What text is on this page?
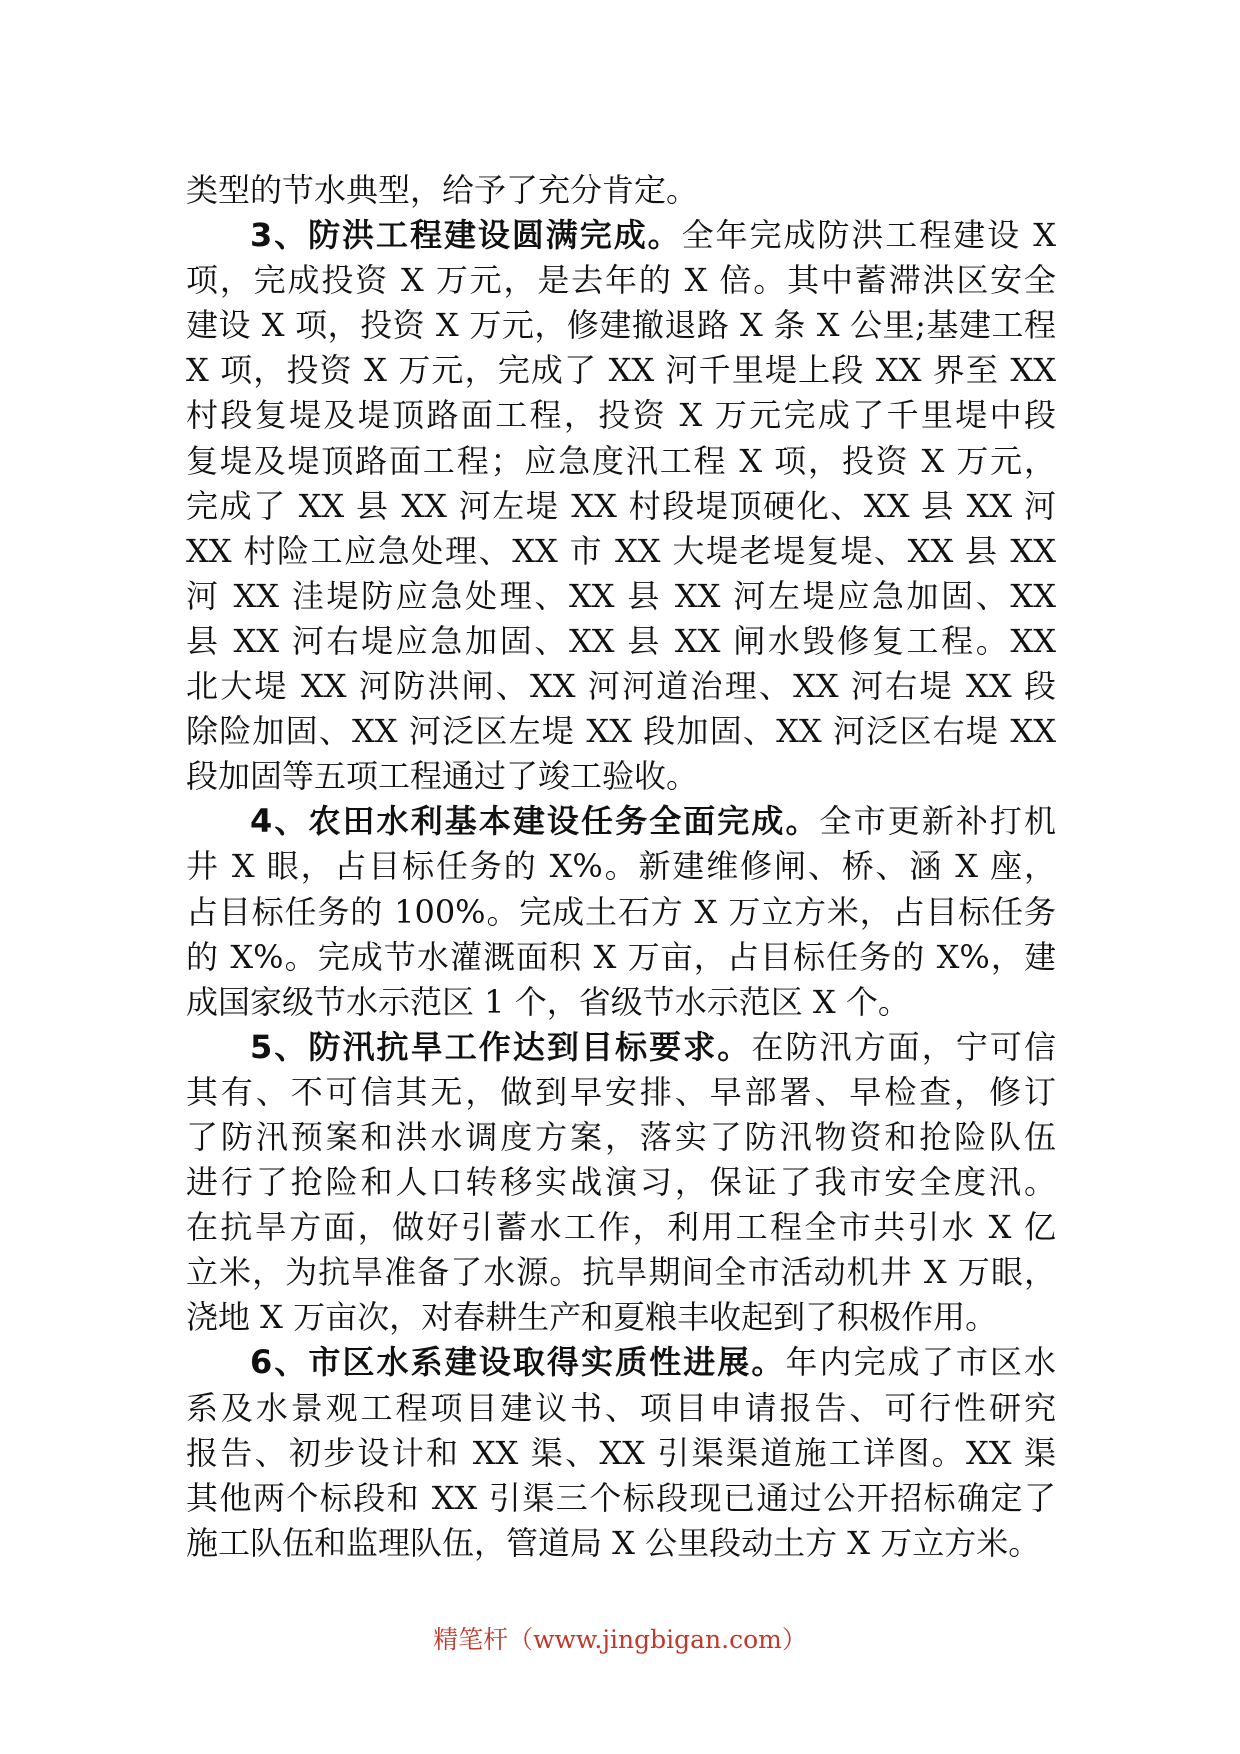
类型的节水典型，给予了充分肯定。
3、防洪工程建设圆满完成。全年完成防洪工程建设 X
项，完成投资 X 万元，是去年的 X 倍。其中蓄滞洪区安全
建设 X 项，投资 X 万元，修建撤退路 X 条 X 公里;基建工程
X 项，投资 X 万元，完成了 XX 河千里堤上段 XX 界至 XX
村段复堤及堤顶路面工程，投资 X 万元完成了千里堤中段
复堤及堤顶路面工程；应急度汛工程 X 项，投资 X 万元，
完成了 XX 县 XX 河左堤 XX 村段堤顶硬化、XX 县 XX 河
XX 村险工应急处理、XX 市 XX 大堤老堤复堤、XX 县 XX
河 XX 洼堤防应急处理、XX 县 XX 河左堤应急加固、XX
县 XX 河右堤应急加固、XX 县 XX 闸水毁修复工程。XX
北大堤 XX 河防洪闸、XX 河河道治理、XX 河右堤 XX 段
除险加固、XX 河泛区左堤 XX 段加固、XX 河泛区右堤 XX
段加固等五项工程通过了竣工验收。
4、农田水利基本建设任务全面完成。全市更新补打机
井 X 眼，占目标任务的 X%。新建维修闸、桥、涵 X 座，
占目标任务的 100%。完成土石方 X 万立方米，占目标任务
的 X%。完成节水灌溉面积 X 万亩，占目标任务的 X%，建
成国家级节水示范区 1 个，省级节水示范区 X 个。
5、防汛抗旱工作达到目标要求。在防汛方面，宁可信
其有、不可信其无，做到早安排、早部署、早检查，修订
了防汛预案和洪水调度方案，落实了防汛物资和抢险队伍
进行了抢险和人口转移实战演习，保证了我市安全度汛。
在抗旱方面，做好引蓄水工作，利用工程全市共引水 X 亿
立米，为抗旱准备了水源。抗旱期间全市活动机井 X 万眼，
浇地 X 万亩次，对春耕生产和夏粮丰收起到了积极作用。
6、市区水系建设取得实质性进展。年内完成了市区水
系及水景观工程项目建议书、项目申请报告、可行性研究
报告、初步设计和 XX 渠、XX 引渠渠道施工详图。XX 渠
其他两个标段和 XX 引渠三个标段现已通过公开招标确定了
施工队伍和监理队伍，管道局 X 公里段动土方 X 万立方米。
精笔杆（www.jingbigan.com）
